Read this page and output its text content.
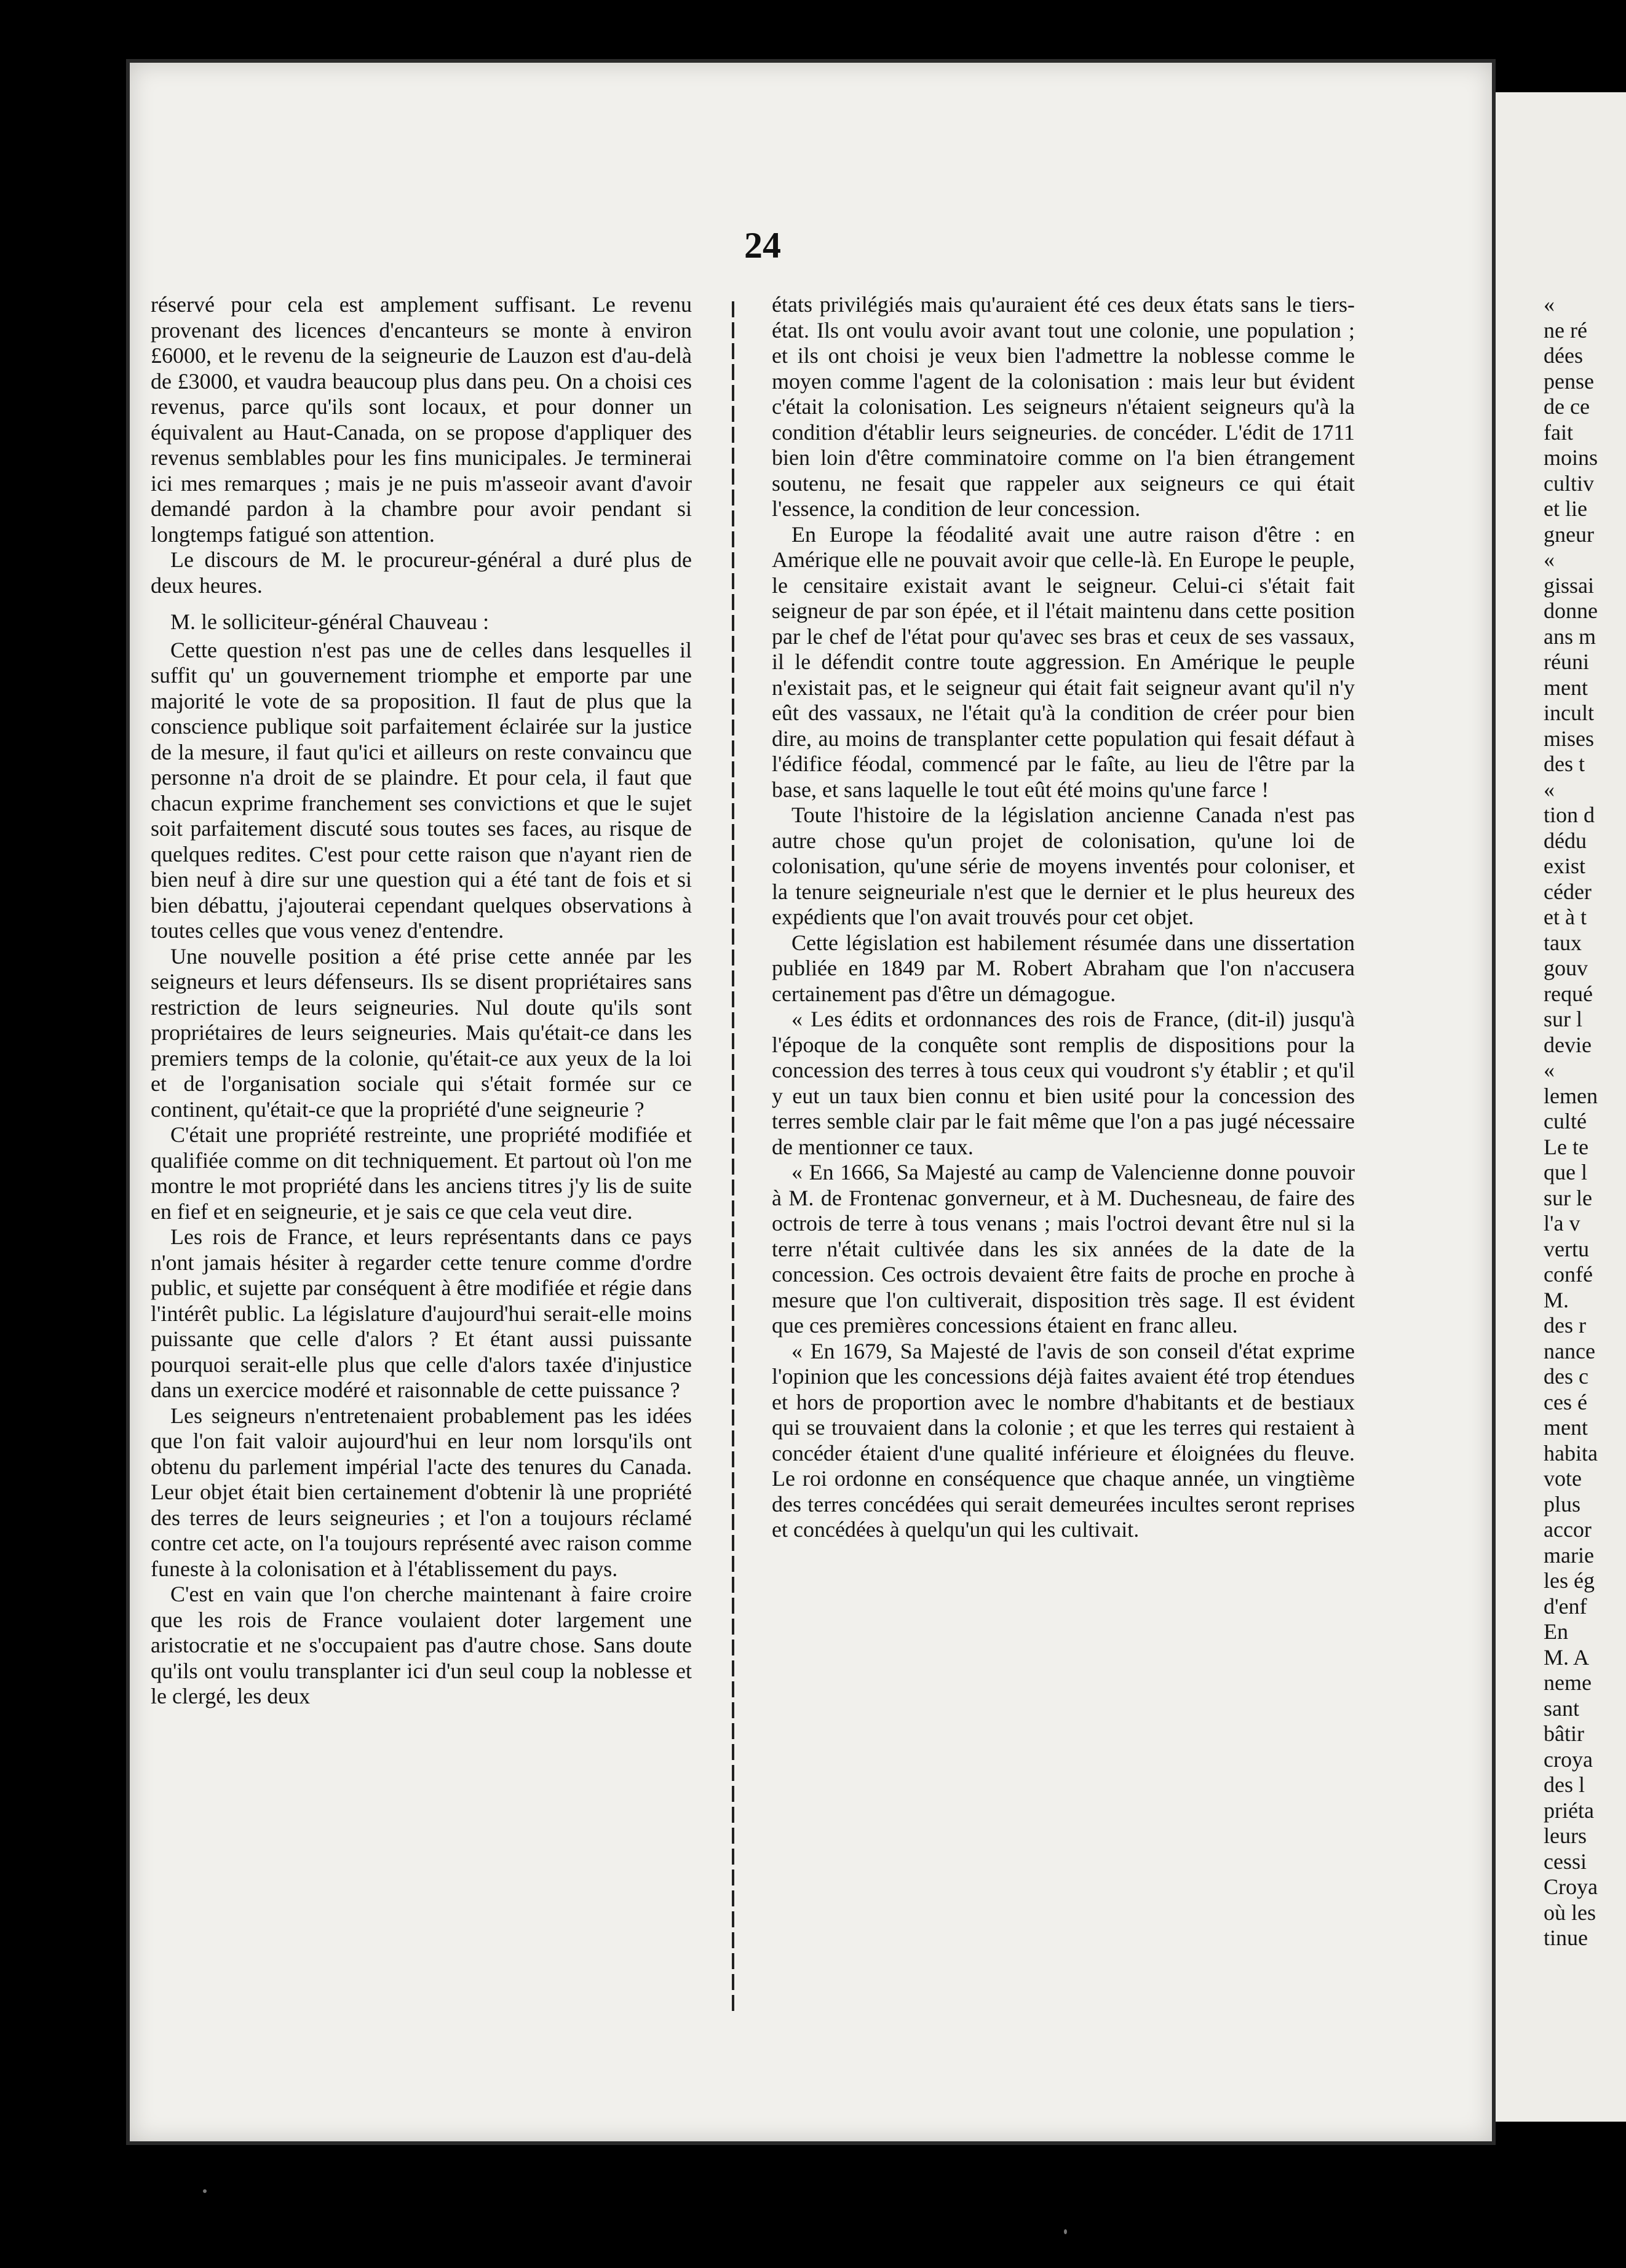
24

réservé pour cela est amplement suffisant. Le revenu provenant des licences d'encanteurs se monte à environ £6000, et le revenu de la seigneurie de Lauzon est d'au-delà de £3000, et vaudra beaucoup plus dans peu. On a choisi ces revenus, parce qu'ils sont locaux, et pour donner un équivalent au Haut-Canada, on se propose d'appliquer des revenus semblables pour les fins municipales. Je terminerai ici mes remarques ; mais je ne puis m'asseoir avant d'avoir demandé pardon à la chambre pour avoir pendant si longtemps fatigué son attention.

Le discours de M. le procureur-général a duré plus de deux heures.

M. le solliciteur-général Chauveau :

Cette question n'est pas une de celles dans lesquelles il suffit qu' un gouvernement triomphe et emporte par une majorité le vote de sa proposition. Il faut de plus que la conscience publique soit parfaitement éclairée sur la justice de la mesure, il faut qu'ici et ailleurs on reste convaincu que personne n'a droit de se plaindre. Et pour cela, il faut que chacun exprime franchement ses convictions et que le sujet soit parfaitement discuté sous toutes ses faces, au risque de quelques redites. C'est pour cette raison que n'ayant rien de bien neuf à dire sur une question qui a été tant de fois et si bien débattu, j'ajouterai cependant quelques observations à toutes celles que vous venez d'entendre.

Une nouvelle position a été prise cette année par les seigneurs et leurs défenseurs. Ils se disent propriétaires sans restriction de leurs seigneuries. Nul doute qu'ils sont propriétaires de leurs seigneuries. Mais qu'était-ce dans les premiers temps de la colonie, qu'était-ce aux yeux de la loi et de l'organisation sociale qui s'était formée sur ce continent, qu'était-ce que la propriété d'une seigneurie ?

C'était une propriété restreinte, une propriété modifiée et qualifiée comme on dit techniquement. Et partout où l'on me montre le mot propriété dans les anciens titres j'y lis de suite en fief et en seigneurie, et je sais ce que cela veut dire.

Les rois de France, et leurs représentants dans ce pays n'ont jamais hésiter à regarder cette tenure comme d'ordre public, et sujette par conséquent à être modifiée et régie dans l'intérêt public. La législature d'aujourd'hui serait-elle moins puissante que celle d'alors ? Et étant aussi puissante pourquoi serait-elle plus que celle d'alors taxée d'injustice dans un exercice modéré et raisonnable de cette puissance ?

Les seigneurs n'entretenaient probablement pas les idées que l'on fait valoir aujourd'hui en leur nom lorsqu'ils ont obtenu du parlement impérial l'acte des tenures du Canada. Leur objet était bien certainement d'obtenir là une propriété des terres de leurs seigneuries ; et l'on a toujours réclamé contre cet acte, on l'a toujours représenté avec raison comme funeste à la colonisation et à l'établissement du pays.

C'est en vain que l'on cherche maintenant à faire croire que les rois de France voulaient doter largement une aristocratie et ne s'occupaient pas d'autre chose. Sans doute qu'ils ont voulu transplanter ici d'un seul coup la noblesse et le clergé, les deux

états privilégiés mais qu'auraient été ces deux états sans le tiers-état. Ils ont voulu avoir avant tout une colonie, une population ; et ils ont choisi je veux bien l'admettre la noblesse comme le moyen comme l'agent de la colonisation : mais leur but évident c'était la colonisation. Les seigneurs n'étaient seigneurs qu'à la condition d'établir leurs seigneuries. de concéder. L'édit de 1711 bien loin d'être comminatoire comme on l'a bien étrangement soutenu, ne fesait que rappeler aux seigneurs ce qui était l'essence, la condition de leur concession.

En Europe la féodalité avait une autre raison d'être : en Amérique elle ne pouvait avoir que celle-là. En Europe le peuple, le censitaire existait avant le seigneur. Celui-ci s'était fait seigneur de par son épée, et il l'était maintenu dans cette position par le chef de l'état pour qu'avec ses bras et ceux de ses vassaux, il le défendit contre toute aggression. En Amérique le peuple n'existait pas, et le seigneur qui était fait seigneur avant qu'il n'y eût des vassaux, ne l'était qu'à la condition de créer pour bien dire, au moins de transplanter cette population qui fesait défaut à l'édifice féodal, commencé par le faîte, au lieu de l'être par la base, et sans laquelle le tout eût été moins qu'une farce !

Toute l'histoire de la législation ancienne Canada n'est pas autre chose qu'un projet de colonisation, qu'une loi de colonisation, qu'une série de moyens inventés pour coloniser, et la tenure seigneuriale n'est que le dernier et le plus heureux des expédients que l'on avait trouvés pour cet objet.

Cette législation est habilement résumée dans une dissertation publiée en 1849 par M. Robert Abraham que l'on n'accusera certainement pas d'être un démagogue.

« Les édits et ordonnances des rois de France, (dit-il) jusqu'à l'époque de la conquête sont remplis de dispositions pour la concession des terres à tous ceux qui voudront s'y établir ; et qu'il y eut un taux bien connu et bien usité pour la concession des terres semble clair par le fait même que l'on a pas jugé nécessaire de mentionner ce taux.

« En 1666, Sa Majesté au camp de Valencienne donne pouvoir à M. de Frontenac gonverneur, et à M. Duchesneau, de faire des octrois de terre à tous venans ; mais l'octroi devant être nul si la terre n'était cultivée dans les six années de la date de la concession. Ces octrois devaient être faits de proche en proche à mesure que l'on cultiverait, disposition très sage. Il est évident que ces premières concessions étaient en franc alleu.

« En 1679, Sa Majesté de l'avis de son conseil d'état exprime l'opinion que les concessions déjà faites avaient été trop étendues et hors de proportion avec le nombre d'habitants et de bestiaux qui se trouvaient dans la colonie ; et que les terres qui restaient à concéder étaient d'une qualité inférieure et éloignées du fleuve. Le roi ordonne en conséquence que chaque année, un vingtième des terres concédées qui serait demeurées incultes seront reprises et concédées à quelqu'un qui les cultivait.

«
ne ré
dées
pense
de ce
fait
moins
cultiv
et lie
gneur
«
gissai
donne
ans m
réuni
ment
incult
mises
des t
«
tion d
dédu
exist
céder
et à t
taux
gouv
requé
sur l
devie
«
lemen
culté
Le te
que l
sur le
l'a v
vertu
confé
M.
des r
nance
des c
ces é
ment
habita
vote
plus
accor
marie
les ég
d'enf
En
M. A
neme
sant
bâtir
croya
des l
priéta
leurs
cessi
Croya
où les
tinue
